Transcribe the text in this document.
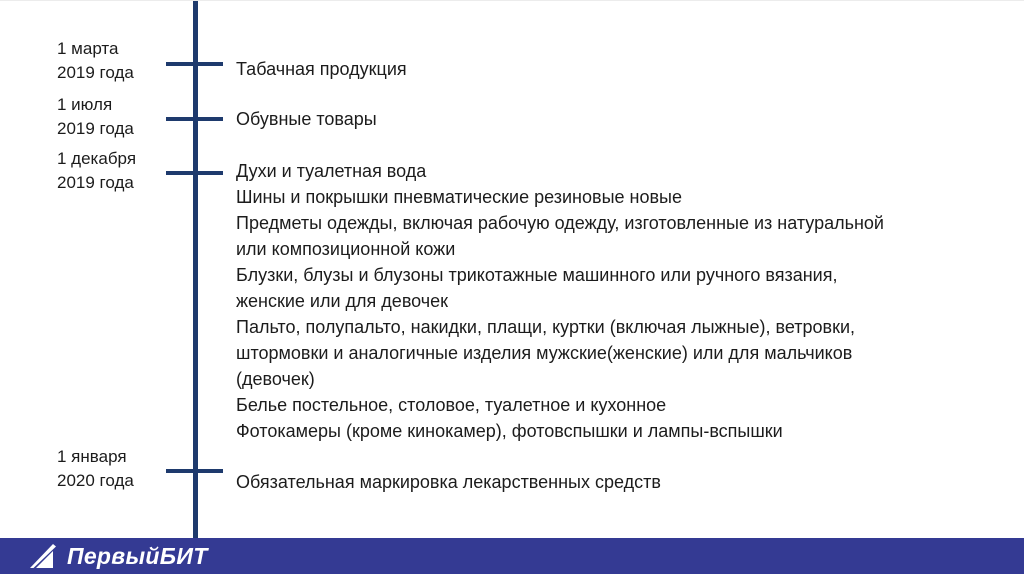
1 марта
2019 года	Табачная продукция
1 июля
2019 года	Обувные товары
1 декабря
2019 года
Духи и туалетная вода
Шины и покрышки пневматические резиновые новые
Предметы одежды, включая рабочую одежду, изготовленные из натуральной
или композиционной кожи
Блузки, блузы и блузоны трикотажные машинного или ручного вязания,
женские или для девочек
Пальто, полупальто, накидки, плащи, куртки (включая лыжные), ветровки,
штормовки и аналогичные изделия мужские(женские) или для мальчиков
(девочек)
Белье постельное, столовое, туалетное и кухонное
Фотокамеры (кроме кинокамер), фотовспышки и лампы-вспышки
1 января
2020 года	Обязательная маркировка лекарственных средств
ПервыйБИТ
